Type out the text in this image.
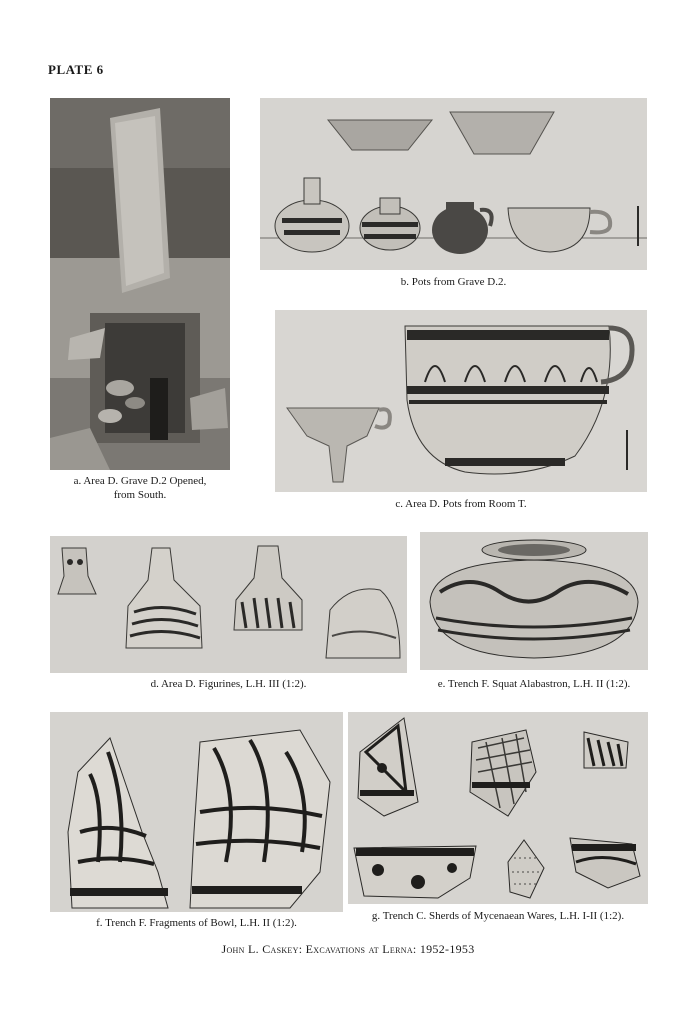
PLATE 6
a. Area D. Grave D.2 Opened,
from South.
b. Pots from Grave D.2.
c. Area D. Pots from Room T.
d. Area D. Figurines, L.H. III (1:2).	e. Trench F. Squat Alabastron, L.H. II (1:2).
f. Trench F. Fragments of Bowl, L.H. II (1:2).
g. Trench C. Sherds of Mycenaean Wares, L.H. I-II (1:2).
John L. Caskey: Excavations at Lerna: 1952-1953
